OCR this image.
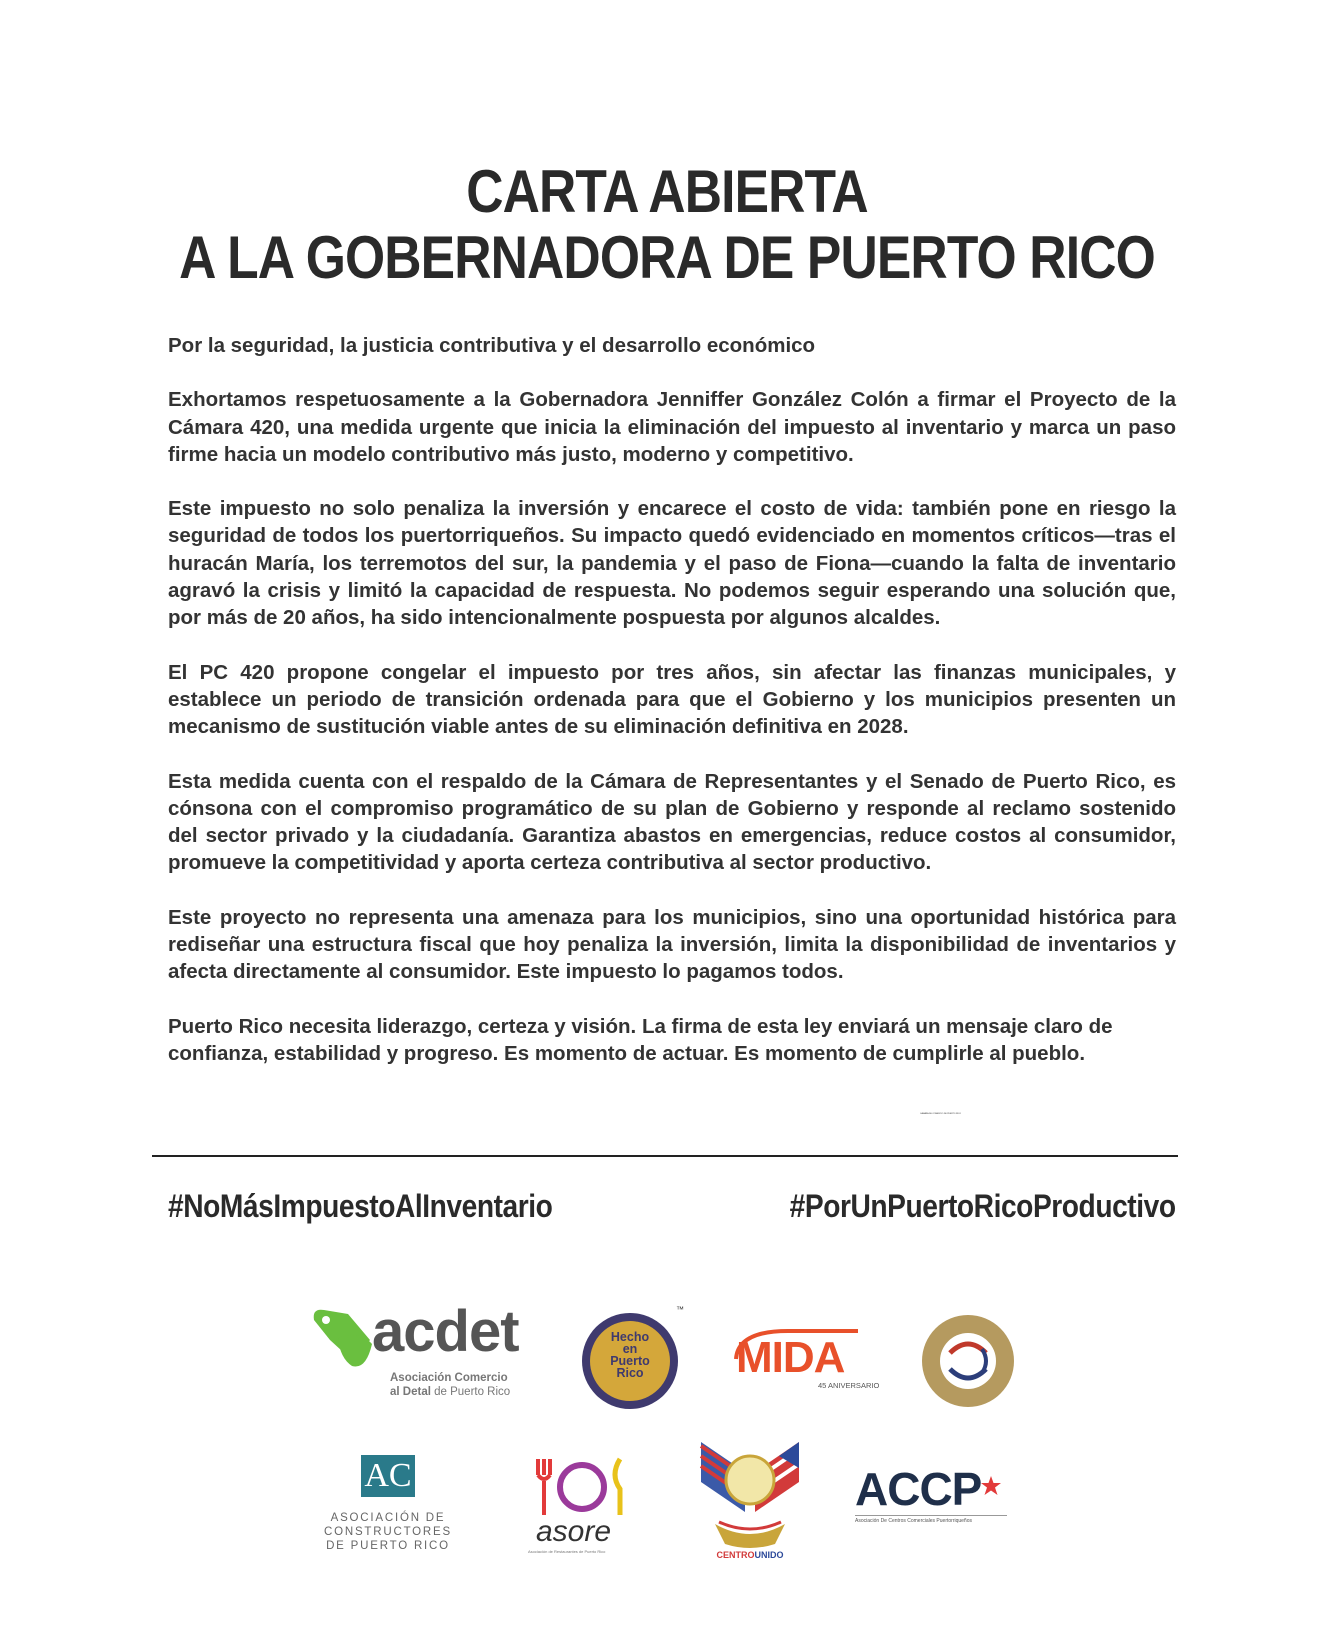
CARTA ABIERTA
A LA GOBERNADORA DE PUERTO RICO

Por la seguridad, la justicia contributiva y el desarrollo económico

Exhortamos respetuosamente a la Gobernadora Jenniffer González Colón a firmar el Proyecto de la Cámara 420, una medida urgente que inicia la eliminación del impuesto al inventario y marca un paso firme hacia un modelo contributivo más justo, moderno y competitivo.

Este impuesto no solo penaliza la inversión y encarece el costo de vida: también pone en riesgo la seguridad de todos los puertorriqueños. Su impacto quedó evidenciado en momentos críticos—tras el huracán María, los terremotos del sur, la pandemia y el paso de Fiona—cuando la falta de inventario agravó la crisis y limitó la capacidad de respuesta. No podemos seguir esperando una solución que, por más de 20 años, ha sido intencionalmente pospuesta por algunos alcaldes.

El PC 420 propone congelar el impuesto por tres años, sin afectar las finanzas municipales, y establece un periodo de transición ordenada para que el Gobierno y los municipios presenten un mecanismo de sustitución viable antes de su eliminación definitiva en 2028.

Esta medida cuenta con el respaldo de la Cámara de Representantes y el Senado de Puerto Rico, es cónsona con el compromiso programático de su plan de Gobierno y responde al reclamo sostenido del sector privado y la ciudadanía. Garantiza abastos en emergencias, reduce costos al consumidor, promueve la competitividad y aporta certeza contributiva al sector productivo.

Este proyecto no representa una amenaza para los municipios, sino una oportunidad histórica para rediseñar una estructura fiscal que hoy penaliza la inversión, limita la disponibilidad de inventarios y afecta directamente al consumidor. Este impuesto lo pagamos todos.

Puerto Rico necesita liderazgo, certeza y visión. La firma de esta ley enviará un mensaje claro de confianza, estabilidad y progreso. Es momento de actuar. Es momento de cumplirle al pueblo.

#NoMásImpuestoAlInventario	#PorUnPuertoRicoProductivo
acdet
Asociación Comercio
al Detal de Puerto Rico
Hecho
en
Puerto
Rico
™
MIDA
45 ANIVERSARIO
CÁMARA DE COMERCIO DE PUERTO RICO
AC
ASOCIACIÓN DE
CONSTRUCTORES
DE PUERTO RICO	asore
Asociación de Restaurantes de Puerto Rico	CENTROUNIDO
ACCP
Asociación De Centros Comerciales Puertorriqueños
